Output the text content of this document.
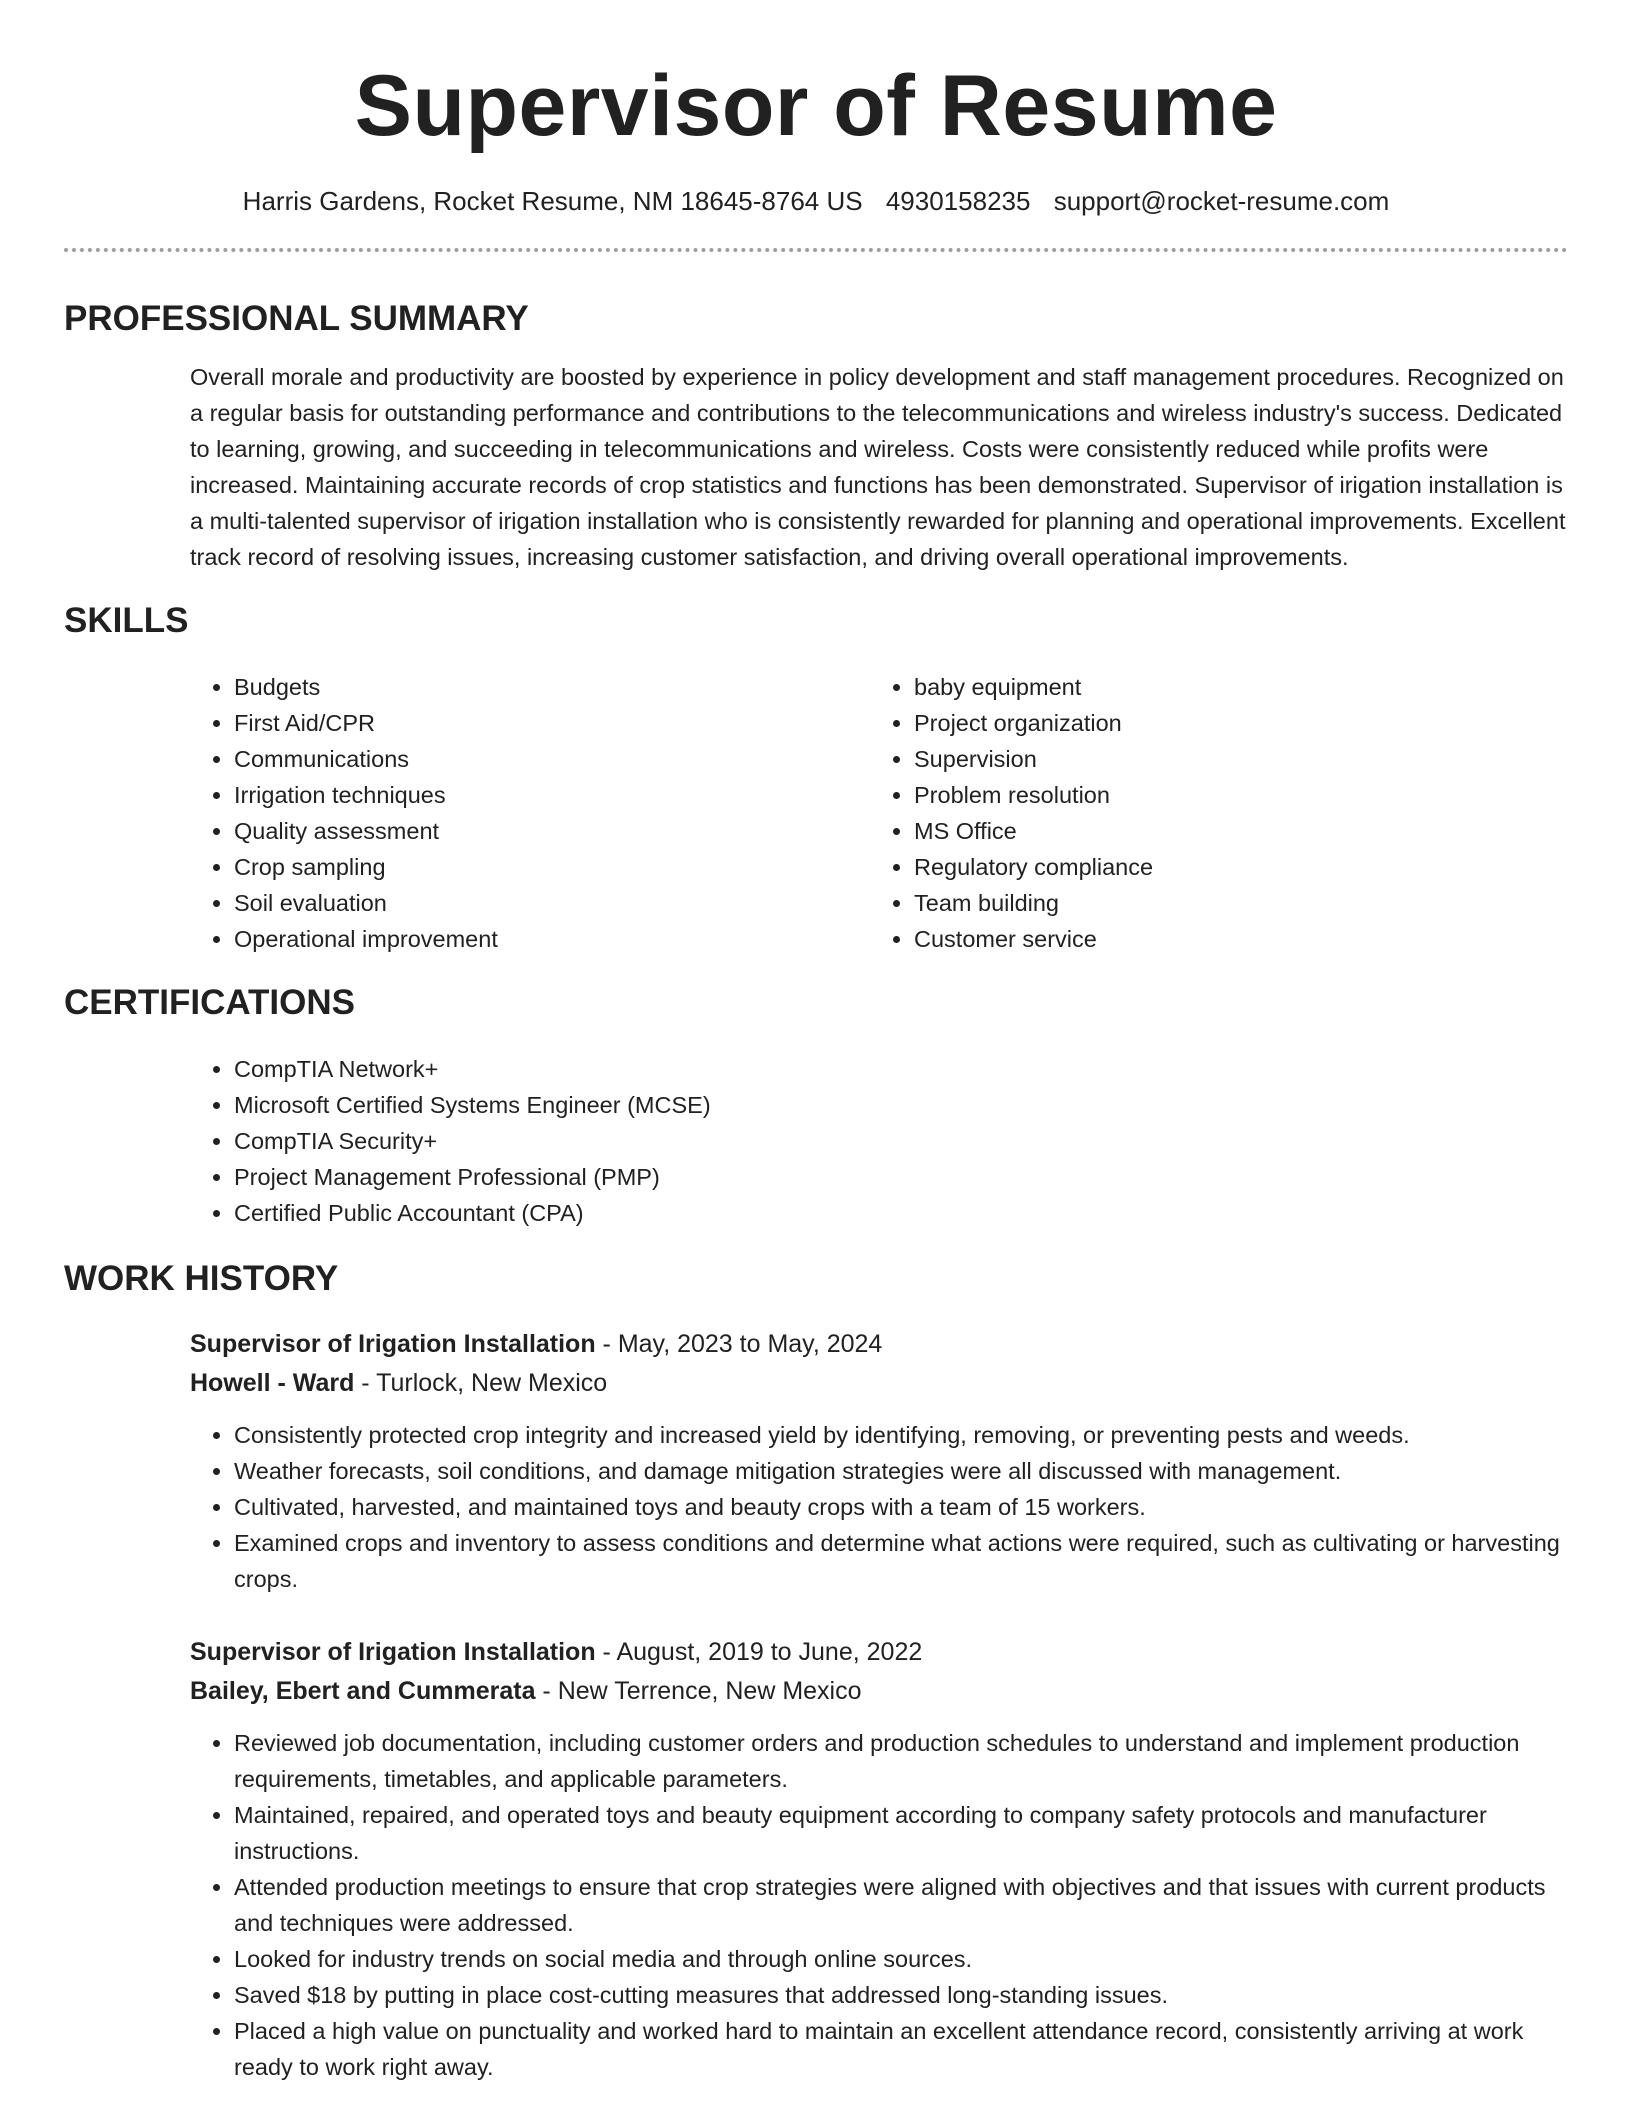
Supervisor of Resume
Harris Gardens, Rocket Resume, NM 18645-8764 US 4930158235 support@rocket-resume.com
PROFESSIONAL SUMMARY

Overall morale and productivity are boosted by experience in policy development and staff management procedures. Recognized on a regular basis for outstanding performance and contributions to the telecommunications and wireless industry's success. Dedicated to learning, growing, and succeeding in telecommunications and wireless. Costs were consistently reduced while profits were increased. Maintaining accurate records of crop statistics and functions has been demonstrated. Supervisor of irigation installation is a multi-talented supervisor of irigation installation who is consistently rewarded for planning and operational improvements. Excellent track record of resolving issues, increasing customer satisfaction, and driving overall operational improvements.

SKILLS
• Budgets
• First Aid/CPR
• Communications
• Irrigation techniques
• Quality assessment
• Crop sampling
• Soil evaluation
• Operational improvement
• baby equipment
• Project organization
• Supervision
• Problem resolution
• MS Office
• Regulatory compliance
• Team building
• Customer service
CERTIFICATIONS
• CompTIA Network+
• Microsoft Certified Systems Engineer (MCSE)
• CompTIA Security+
• Project Management Professional (PMP)
• Certified Public Accountant (CPA)
WORK HISTORY
Supervisor of Irigation Installation - May, 2023 to May, 2024
Howell - Ward - Turlock, New Mexico
• Consistently protected crop integrity and increased yield by identifying, removing, or preventing pests and weeds.
• Weather forecasts, soil conditions, and damage mitigation strategies were all discussed with management.
• Cultivated, harvested, and maintained toys and beauty crops with a team of 15 workers.
• Examined crops and inventory to assess conditions and determine what actions were required, such as cultivating or harvesting crops.
Supervisor of Irigation Installation - August, 2019 to June, 2022
Bailey, Ebert and Cummerata - New Terrence, New Mexico
• Reviewed job documentation, including customer orders and production schedules to understand and implement production requirements, timetables, and applicable parameters.
• Maintained, repaired, and operated toys and beauty equipment according to company safety protocols and manufacturer instructions.
• Attended production meetings to ensure that crop strategies were aligned with objectives and that issues with current products and techniques were addressed.
• Looked for industry trends on social media and through online sources.
• Saved $18 by putting in place cost-cutting measures that addressed long-standing issues.
• Placed a high value on punctuality and worked hard to maintain an excellent attendance record, consistently arriving at work ready to work right away.
